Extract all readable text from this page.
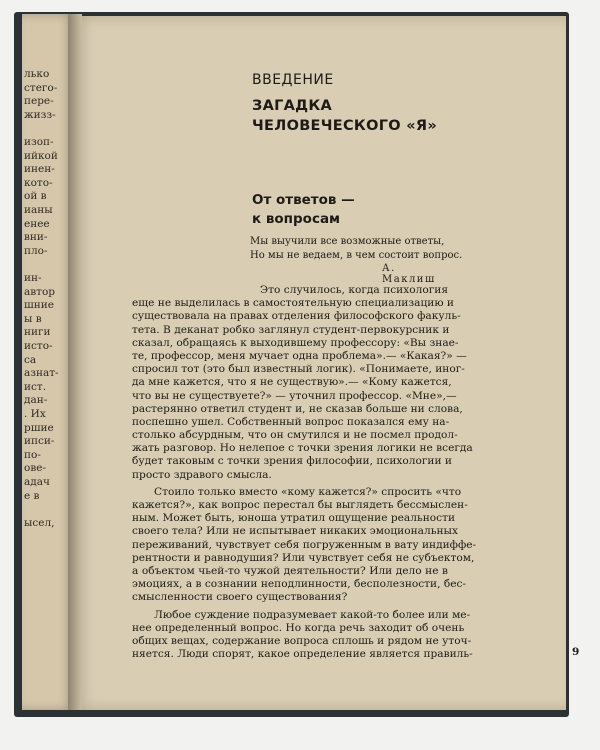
лько
стего-
пере-
жизз-
изоп-
ийкой
инен-
кото-
ой в
ианы
енее
вни-
пло-
ин-
автор
шние
ы в
ниги
исто-
са
азнат-
ист.
дан-
. Их
ршие
ипси-
по-
ове-
адач
е в
ысел,
ВВЕДЕНИЕ
ЗАГАДКА
ЧЕЛОВЕЧЕСКОГО «Я»
От ответов —
к вопросам
Мы выучили все возможные ответы,
Но мы не ведаем, в чем состоит вопрос.
А. Маклиш
Это случилось, когда психология
еще не выделилась в самостоятельную специализацию и
существовала на правах отделения философского факуль-
тета. В деканат робко заглянул студент-первокурсник и
сказал, обращаясь к выходившему профессору: «Вы знае-
те, профессор, меня мучает одна проблема».— «Какая?» —
спросил тот (это был известный логик). «Понимаете, иног-
да мне кажется, что я не существую».— «Кому кажется,
что вы не существуете?» — уточнил профессор. «Мне»,—
растерянно ответил студент и, не сказав больше ни слова,
поспешно ушел. Собственный вопрос показался ему на-
столько абсурдным, что он смутился и не посмел продол-
жать разговор. Но нелепое с точки зрения логики не всегда
будет таковым с точки зрения философии, психологии и
просто здравого смысла.
Стоило только вместо «кому кажется?» спросить «что
кажется?», как вопрос перестал бы выглядеть бессмыслен-
ным. Может быть, юноша утратил ощущение реальности
своего тела? Или не испытывает никаких эмоциональных
переживаний, чувствует себя погруженным в вату индиффе-
рентности и равнодушия? Или чувствует себя не субъектом,
а объектом чьей-то чужой деятельности? Или дело не в
эмоциях, а в сознании неподлинности, бесполезности, бес-
смысленности своего существования?
Любое суждение подразумевает какой-то более или ме-
нее определенный вопрос. Но когда речь заходит об очень
общих вещах, содержание вопроса сплошь и рядом не уточ-
няется. Люди спорят, какое определение является правиль-	9
